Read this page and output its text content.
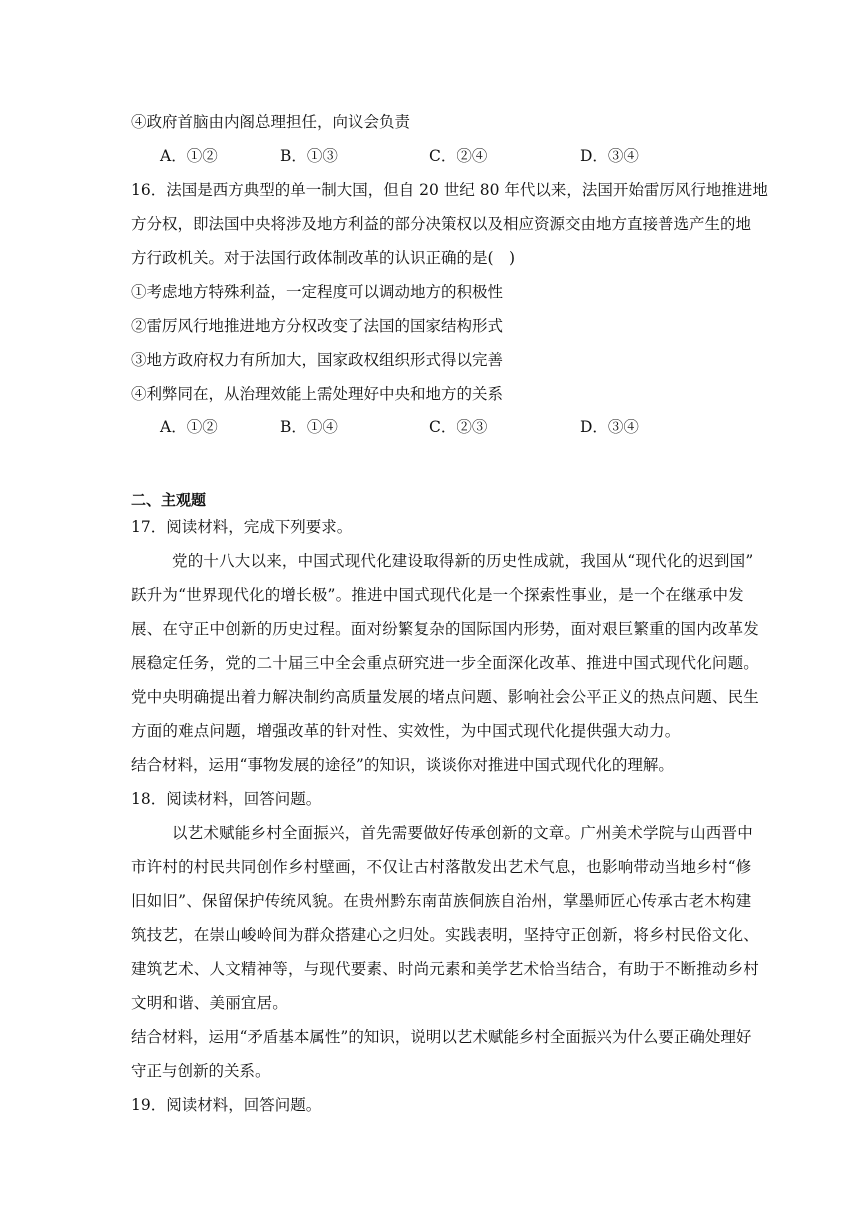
④政府首脑由内阁总理担任，向议会负责
A．①②	B．①③	C．②④	D．③④
16．法国是西方典型的单一制大国，但自 20 世纪 80 年代以来，法国开始雷厉风行地推进地
方分权，即法国中央将涉及地方利益的部分决策权以及相应资源交由地方直接普选产生的地
方行政机关。对于法国行政体制改革的认识正确的是(　)
①考虑地方特殊利益，一定程度可以调动地方的积极性
②雷厉风行地推进地方分权改变了法国的国家结构形式
③地方政府权力有所加大，国家政权组织形式得以完善
④利弊同在，从治理效能上需处理好中央和地方的关系
A．①②	B．①④	C．②③	D．③④
二、主观题
17．阅读材料，完成下列要求。
党的十八大以来，中国式现代化建设取得新的历史性成就，我国从“现代化的迟到国”
跃升为“世界现代化的增长极”。推进中国式现代化是一个探索性事业，是一个在继承中发
展、在守正中创新的历史过程。面对纷繁复杂的国际国内形势，面对艰巨繁重的国内改革发
展稳定任务，党的二十届三中全会重点研究进一步全面深化改革、推进中国式现代化问题。
党中央明确提出着力解决制约高质量发展的堵点问题、影响社会公平正义的热点问题、民生
方面的难点问题，增强改革的针对性、实效性，为中国式现代化提供强大动力。
结合材料，运用“事物发展的途径”的知识，谈谈你对推进中国式现代化的理解。
18．阅读材料，回答问题。
以艺术赋能乡村全面振兴，首先需要做好传承创新的文章。广州美术学院与山西晋中
市许村的村民共同创作乡村壁画，不仅让古村落散发出艺术气息，也影响带动当地乡村“修
旧如旧”、保留保护传统风貌。在贵州黔东南苗族侗族自治州，掌墨师匠心传承古老木构建
筑技艺，在崇山峻岭间为群众搭建心之归处。实践表明，坚持守正创新，将乡村民俗文化、
建筑艺术、人文精神等，与现代要素、时尚元素和美学艺术恰当结合，有助于不断推动乡村
文明和谐、美丽宜居。
结合材料，运用“矛盾基本属性”的知识，说明以艺术赋能乡村全面振兴为什么要正确处理好
守正与创新的关系。
19．阅读材料，回答问题。
